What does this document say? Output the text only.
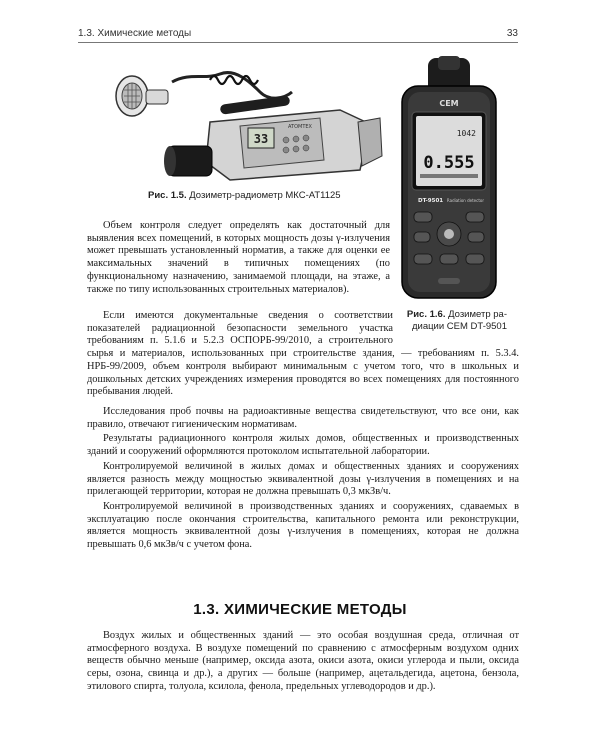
1.3. Химические методы	33
33
ATOMTEX
Рис. 1.5. Дозиметр-радиометр МКС-АТ1125
CEM
1042
0.555
DT-9501 Radiation detector
Рис. 1.6. Дозиметр ра-
диации CEM DT-9501

Объем контроля следует определять как достаточный для выявления всех помещений, в которых мощность дозы γ-излучения может превышать установленный норматив, а также для оценки ее максимальных значений в типичных помещениях (по функциональному назначению, занимаемой площади, на этаже, а также по типу использованных строительных материалов).

Если имеются документальные сведения о соответствии показателей радиационной безопасности земельного участка требованиям п. 5.1.6 и 5.2.3 ОСПОРБ-99/2010, а строительного сырья и материалов, использованных при строительстве здания, — требованиям п. 5.3.4. НРБ-99/2009, объем контроля выбирают минимальным с учетом того, что в школьных и дошкольных детских учреждениях измерения проводятся во всех помещениях для постоянного пребывания людей.

1.3. ХИМИЧЕСКИЕ МЕТОДЫ

Воздух жилых и общественных зданий — это особая воздушная среда, отличная от атмосферного воздуха. В воздухе помещений по сравнению с атмосферным воздухом одних веществ обычно меньше (например, оксида азота, окиси азота, окиси углерода и пыли, оксида серы, озона, свинца и др.), а других — больше (например, ацетальдегида, ацетона, бензола, этилового спирта, толуола, ксилола, фенола, предельных углеводородов и др.).

Исследования проб почвы на радиоактивные вещества свидетельствуют, что все они, как правило, отвечают гигиеническим нормативам.

Результаты радиационного контроля жилых домов, общественных и производственных зданий и сооружений оформляются протоколом испытательной лаборатории.

Контролируемой величиной в жилых домах и общественных зданиях и сооружениях является разность между мощностью эквивалентной дозы γ-излучения в помещениях и на прилегающей территории, которая не должна превышать 0,3 мкЗв/ч.

Контролируемой величиной в производственных зданиях и сооружениях, сдаваемых в эксплуатацию после окончания строительства, капитального ремонта или реконструкции, является мощность эквивалентной дозы γ-излучения в помещениях, которая не должна превышать 0,6 мкЗв/ч с учетом фона.
